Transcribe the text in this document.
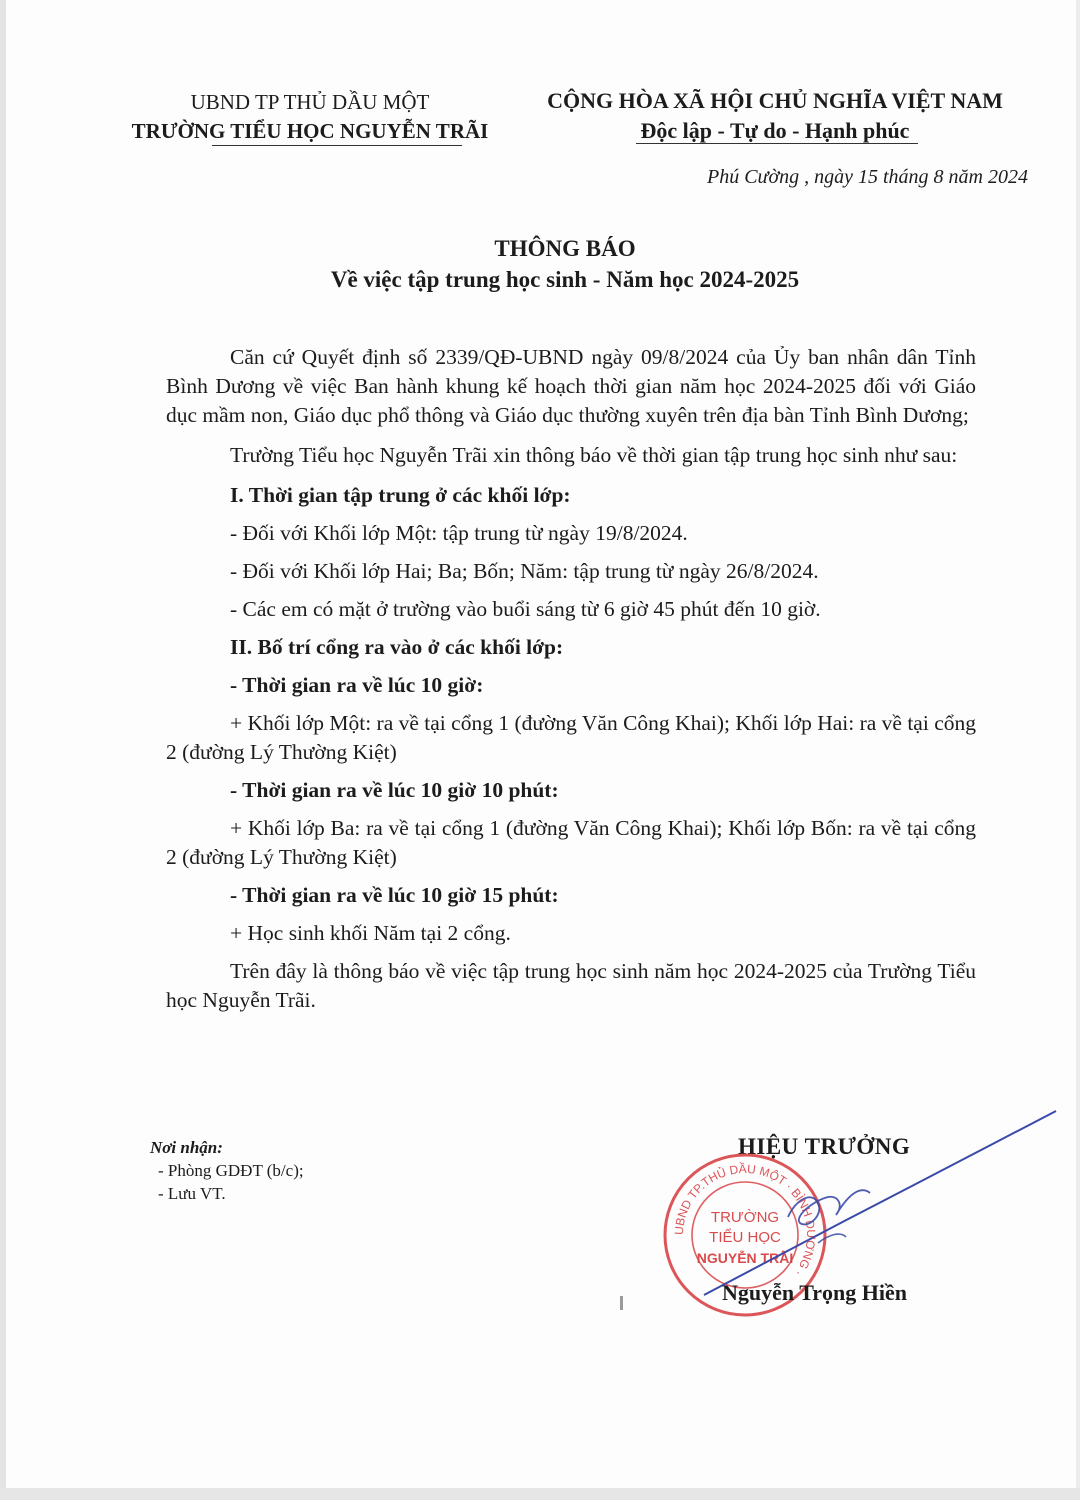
UBND TP THỦ DẦU MỘT
TRƯỜNG TIỂU HỌC NGUYỄN TRÃI
CỘNG HÒA XÃ HỘI CHỦ NGHĨA VIỆT NAM
Độc lập - Tự do - Hạnh phúc
Phú Cường , ngày 15 tháng 8 năm 2024
THÔNG BÁO
Về việc tập trung học sinh - Năm học 2024-2025

Căn cứ Quyết định số 2339/QĐ-UBND ngày 09/8/2024 của Ủy ban nhân dân Tỉnh Bình Dương về việc Ban hành khung kế hoạch thời gian năm học 2024-2025 đối với Giáo dục mầm non, Giáo dục phổ thông và Giáo dục thường xuyên trên địa bàn Tỉnh Bình Dương;

Trường Tiểu học Nguyễn Trãi xin thông báo về thời gian tập trung học sinh như sau:

I. Thời gian tập trung ở các khối lớp:

- Đối với Khối lớp Một: tập trung từ ngày 19/8/2024.

- Đối với Khối lớp Hai; Ba; Bốn; Năm: tập trung từ ngày 26/8/2024.

- Các em có mặt ở trường vào buổi sáng từ 6 giờ 45 phút đến 10 giờ.

II. Bố trí cổng ra vào ở các khối lớp:

- Thời gian ra về lúc 10 giờ:

+ Khối lớp Một: ra về tại cổng 1 (đường Văn Công Khai); Khối lớp Hai: ra về tại cổng 2 (đường Lý Thường Kiệt)

- Thời gian ra về lúc 10 giờ 10 phút:

+ Khối lớp Ba: ra về tại cổng 1 (đường Văn Công Khai); Khối lớp Bốn: ra về tại cổng 2 (đường Lý Thường Kiệt)

- Thời gian ra về lúc 10 giờ 15 phút:

+ Học sinh khối Năm tại 2 cổng.

Trên đây là thông báo về việc tập trung học sinh năm học 2024-2025 của Trường Tiểu học Nguyễn Trãi.

Nơi nhận:
- Phòng GDĐT (b/c);
- Lưu VT.
HIỆU TRƯỞNG
UBND TP.THỦ DẦU MỘT · BÌNH DƯƠNG ·
TRƯỜNG
TIỂU HỌC
NGUYỄN TRÃI
Nguyễn Trọng Hiền
